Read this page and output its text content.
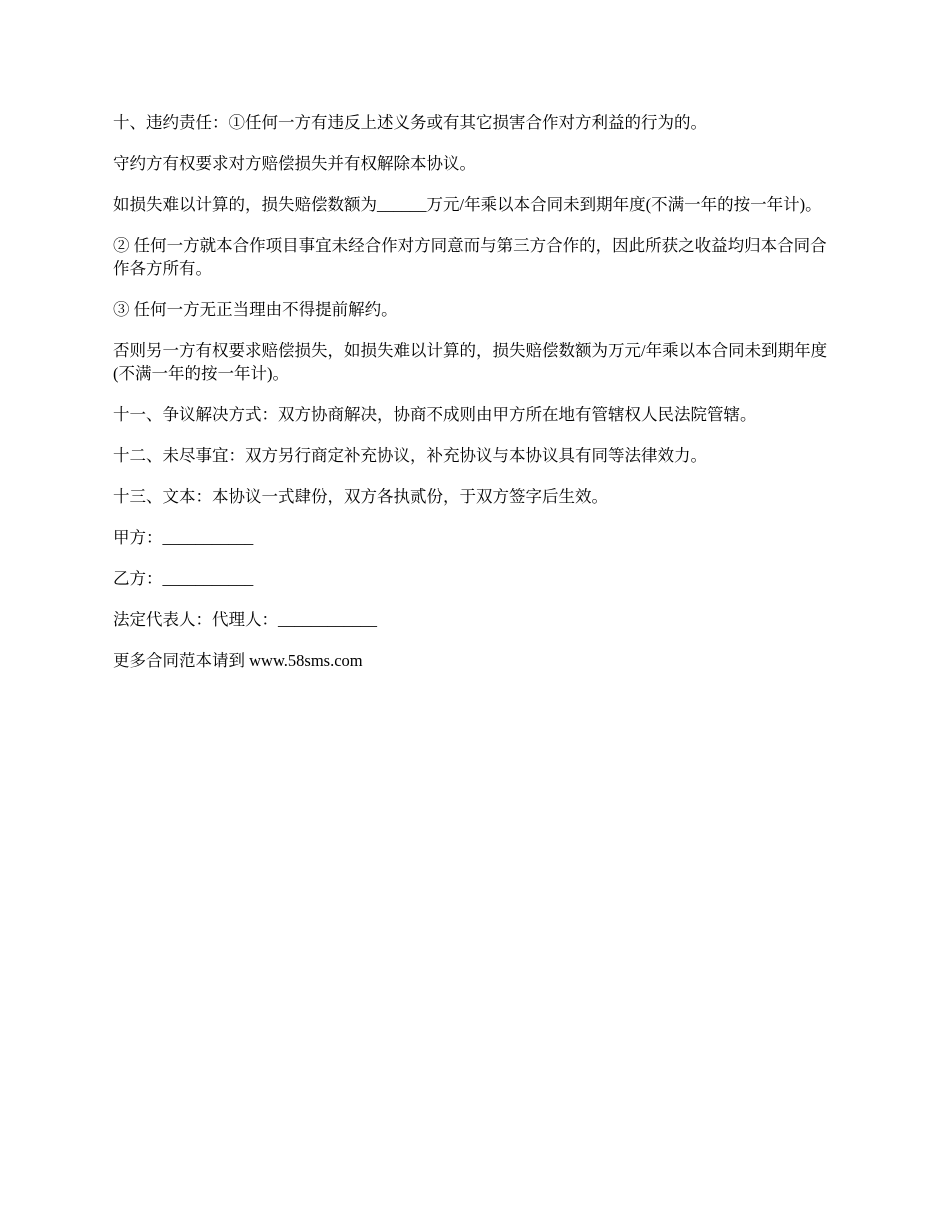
十、违约责任：①任何一方有违反上述义务或有其它损害合作对方利益的行为的。

守约方有权要求对方赔偿损失并有权解除本协议。

如损失难以计算的，损失赔偿数额为______万元/年乘以本合同未到期年度(不满一年的按一年计)。

② 任何一方就本合作项目事宜未经合作对方同意而与第三方合作的，因此所获之收益均归本合同合作各方所有。

③ 任何一方无正当理由不得提前解约。

否则另一方有权要求赔偿损失，如损失难以计算的，损失赔偿数额为万元/年乘以本合同未到期年度(不满一年的按一年计)。

十一、争议解决方式：双方协商解决，协商不成则由甲方所在地有管辖权人民法院管辖。

十二、未尽事宜：双方另行商定补充协议，补充协议与本协议具有同等法律效力。

十三、文本：本协议一式肆份，双方各执贰份，于双方签字后生效。

甲方：___________

乙方：___________

法定代表人：代理人：____________

更多合同范本请到 www.58sms.com
